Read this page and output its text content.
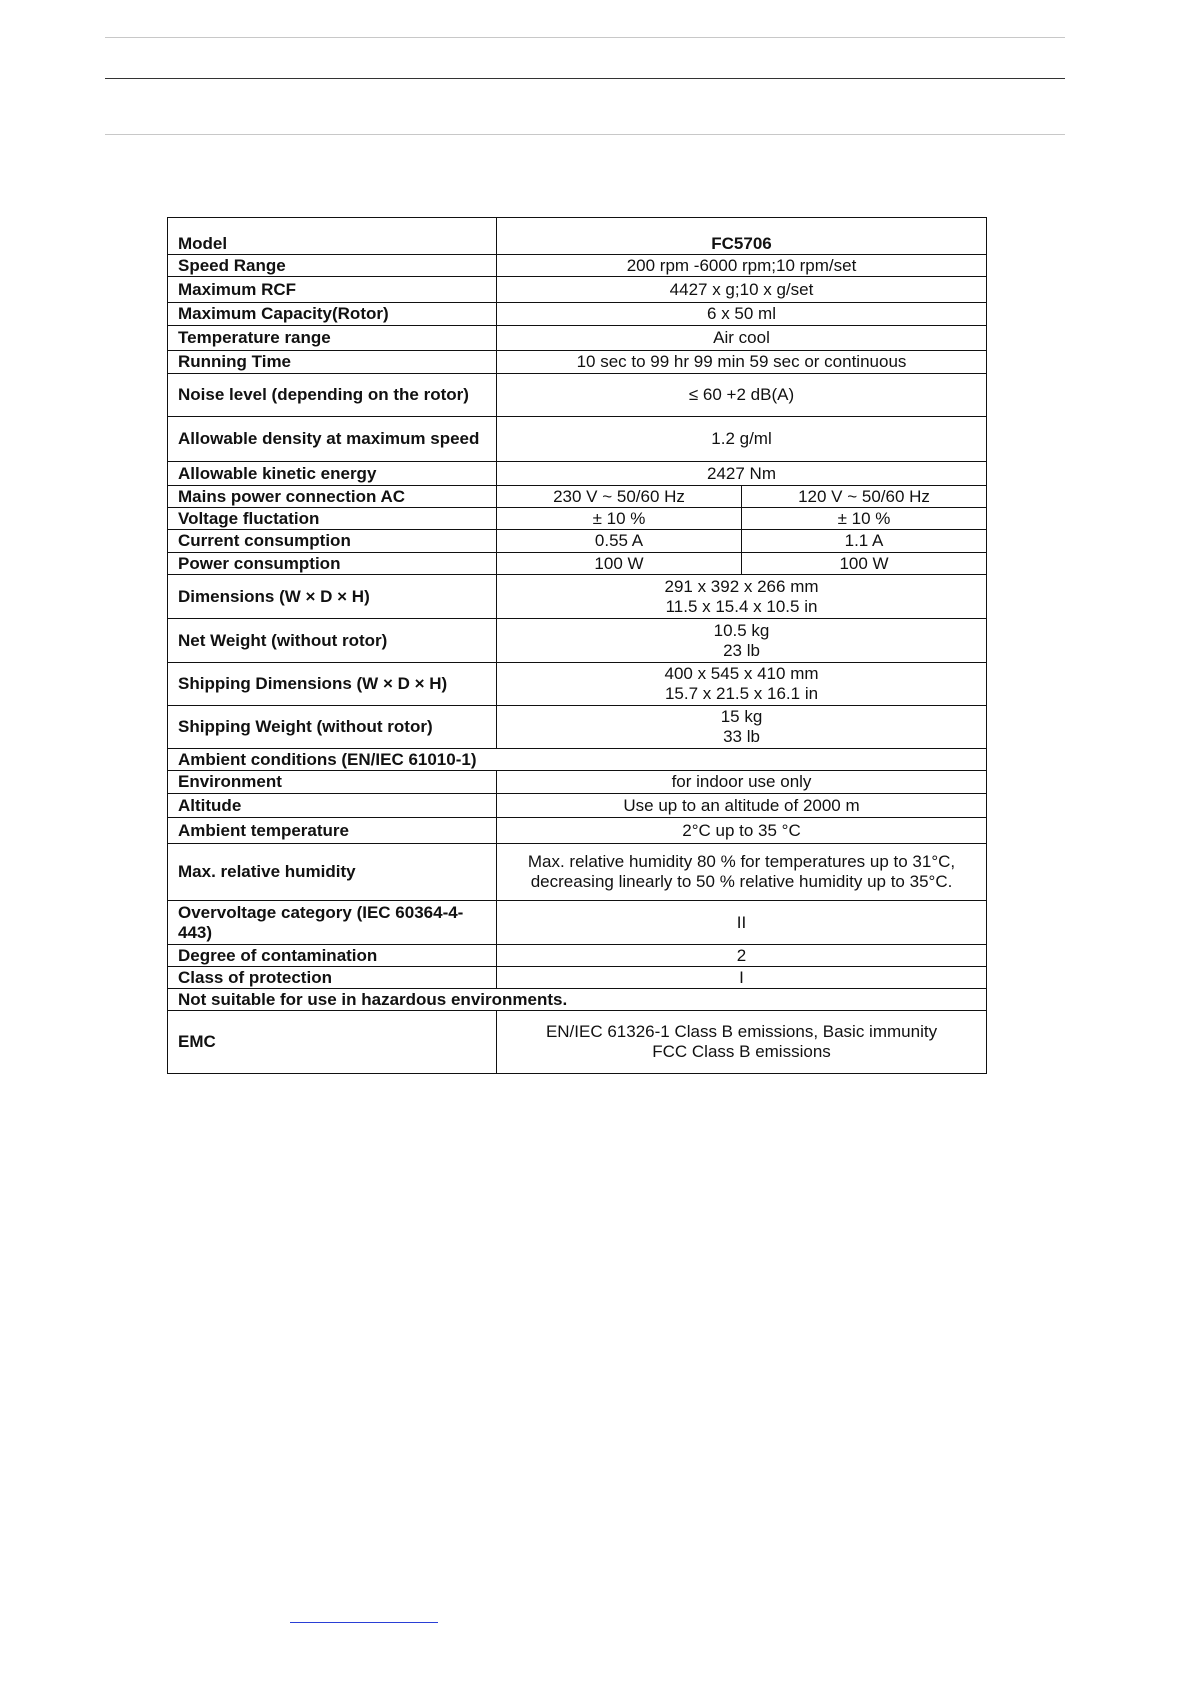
Model	FC5706	
Speed Range	200 rpm -6000 rpm;10 rpm/set	
Maximum RCF	4427 x g;10 x g/set	
Maximum Capacity(Rotor)	6 x 50 ml	
Temperature range	Air cool	
Running Time	10 sec to 99 hr 99 min 59 sec or continuous	
Noise level (depending on the rotor)	≤ 60 +2 dB(A)	
Allowable density at maximum speed	1.2 g/ml	
Allowable kinetic energy	2427 Nm	
Mains power connection AC	230 V ~ 50/60 Hz	120 V ~ 50/60 Hz
Voltage fluctation	± 10 %	± 10 %
Current consumption	0.55 A	1.1 A
Power consumption	100 W	100 W
Dimensions (W × D × H)	291 x 392 x 266 mm
11.5 x 15.4 x 10.5 in	

Net Weight (without rotor)	10.5 kg
23 lb	

Shipping Dimensions (W × D × H)	400 x 545 x 410 mm
15.7 x 21.5 x 16.1 in	

Shipping Weight (without rotor)	15 kg
33 lb	

Ambient conditions (EN/IEC 61010-1)		
Environment	for indoor use only	
Altitude	Use up to an altitude of 2000 m	
Ambient temperature	2°C up to 35 °C	
Max. relative humidity	Max. relative humidity 80 % for temperatures up to 31°C,
decreasing linearly to 50 % relative humidity up to 35°C.	

Overvoltage category (IEC 60364-4-443)	II	
Degree of contamination	2	
Class of protection	I	
Not suitable for use in hazardous environments.		
EMC	EN/IEC 61326-1 Class B emissions, Basic immunity
FCC Class B emissions	
